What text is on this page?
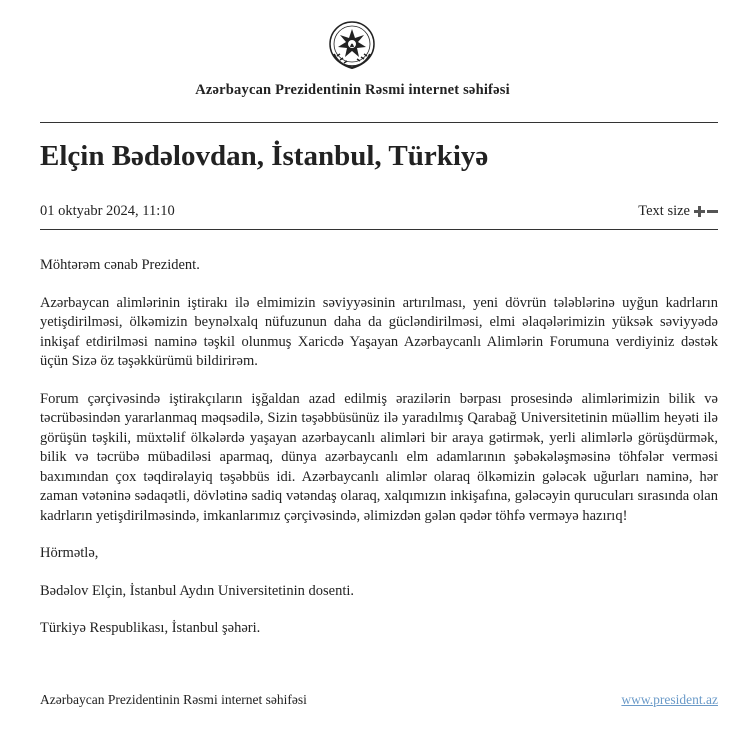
Azərbaycan Prezidentinin Rəsmi internet səhifəsi
Elçin Bədəlovdan, İstanbul, Türkiyə
01 oktyabr 2024, 11:10	Text size

Möhtərəm cənab Prezident.

Azərbaycan alimlərinin iştirakı ilə elmimizin səviyyəsinin artırılması, yeni dövrün tələblərinə uyğun kadrların yetişdirilməsi, ölkəmizin beynəlxalq nüfuzunun daha da gücləndirilməsi, elmi əlaqələrimizin yüksək səviyyədə inkişaf etdirilməsi naminə təşkil olunmuş Xaricdə Yaşayan Azərbaycanlı Alimlərin Forumuna verdiyiniz dəstək üçün Sizə öz təşəkkürümü bildirirəm.

Forum çərçivəsində iştirakçıların işğaldan azad edilmiş ərazilərin bərpası prosesində alimlərimizin bilik və təcrübəsindən yararlanmaq məqsədilə, Sizin təşəbbüsünüz ilə yaradılmış Qarabağ Universitetinin müəllim heyəti ilə görüşün təşkili, müxtəlif ölkələrdə yaşayan azərbaycanlı alimləri bir araya gətirmək, yerli alimlərlə görüşdürmək, bilik və təcrübə mübadiləsi aparmaq, dünya azərbaycanlı elm adamlarının şəbəkələşməsinə töhfələr verməsi baxımından çox təqdirəlayiq təşəbbüs idi. Azərbaycanlı alimlər olaraq ölkəmizin gələcək uğurları naminə, hər zaman vətəninə sədaqətli, dövlətinə sadiq vətəndaş olaraq, xalqımızın inkişafına, gələcəyin qurucuları sırasında olan kadrların yetişdirilməsində, imkanlarımız çərçivəsində, əlimizdən gələn qədər töhfə verməyə hazırıq!

Hörmətlə,

Bədəlov Elçin, İstanbul Aydın Universitetinin dosenti.

Türkiyə Respublikası, İstanbul şəhəri.

Azərbaycan Prezidentinin Rəsmi internet səhifəsi	www.president.az
